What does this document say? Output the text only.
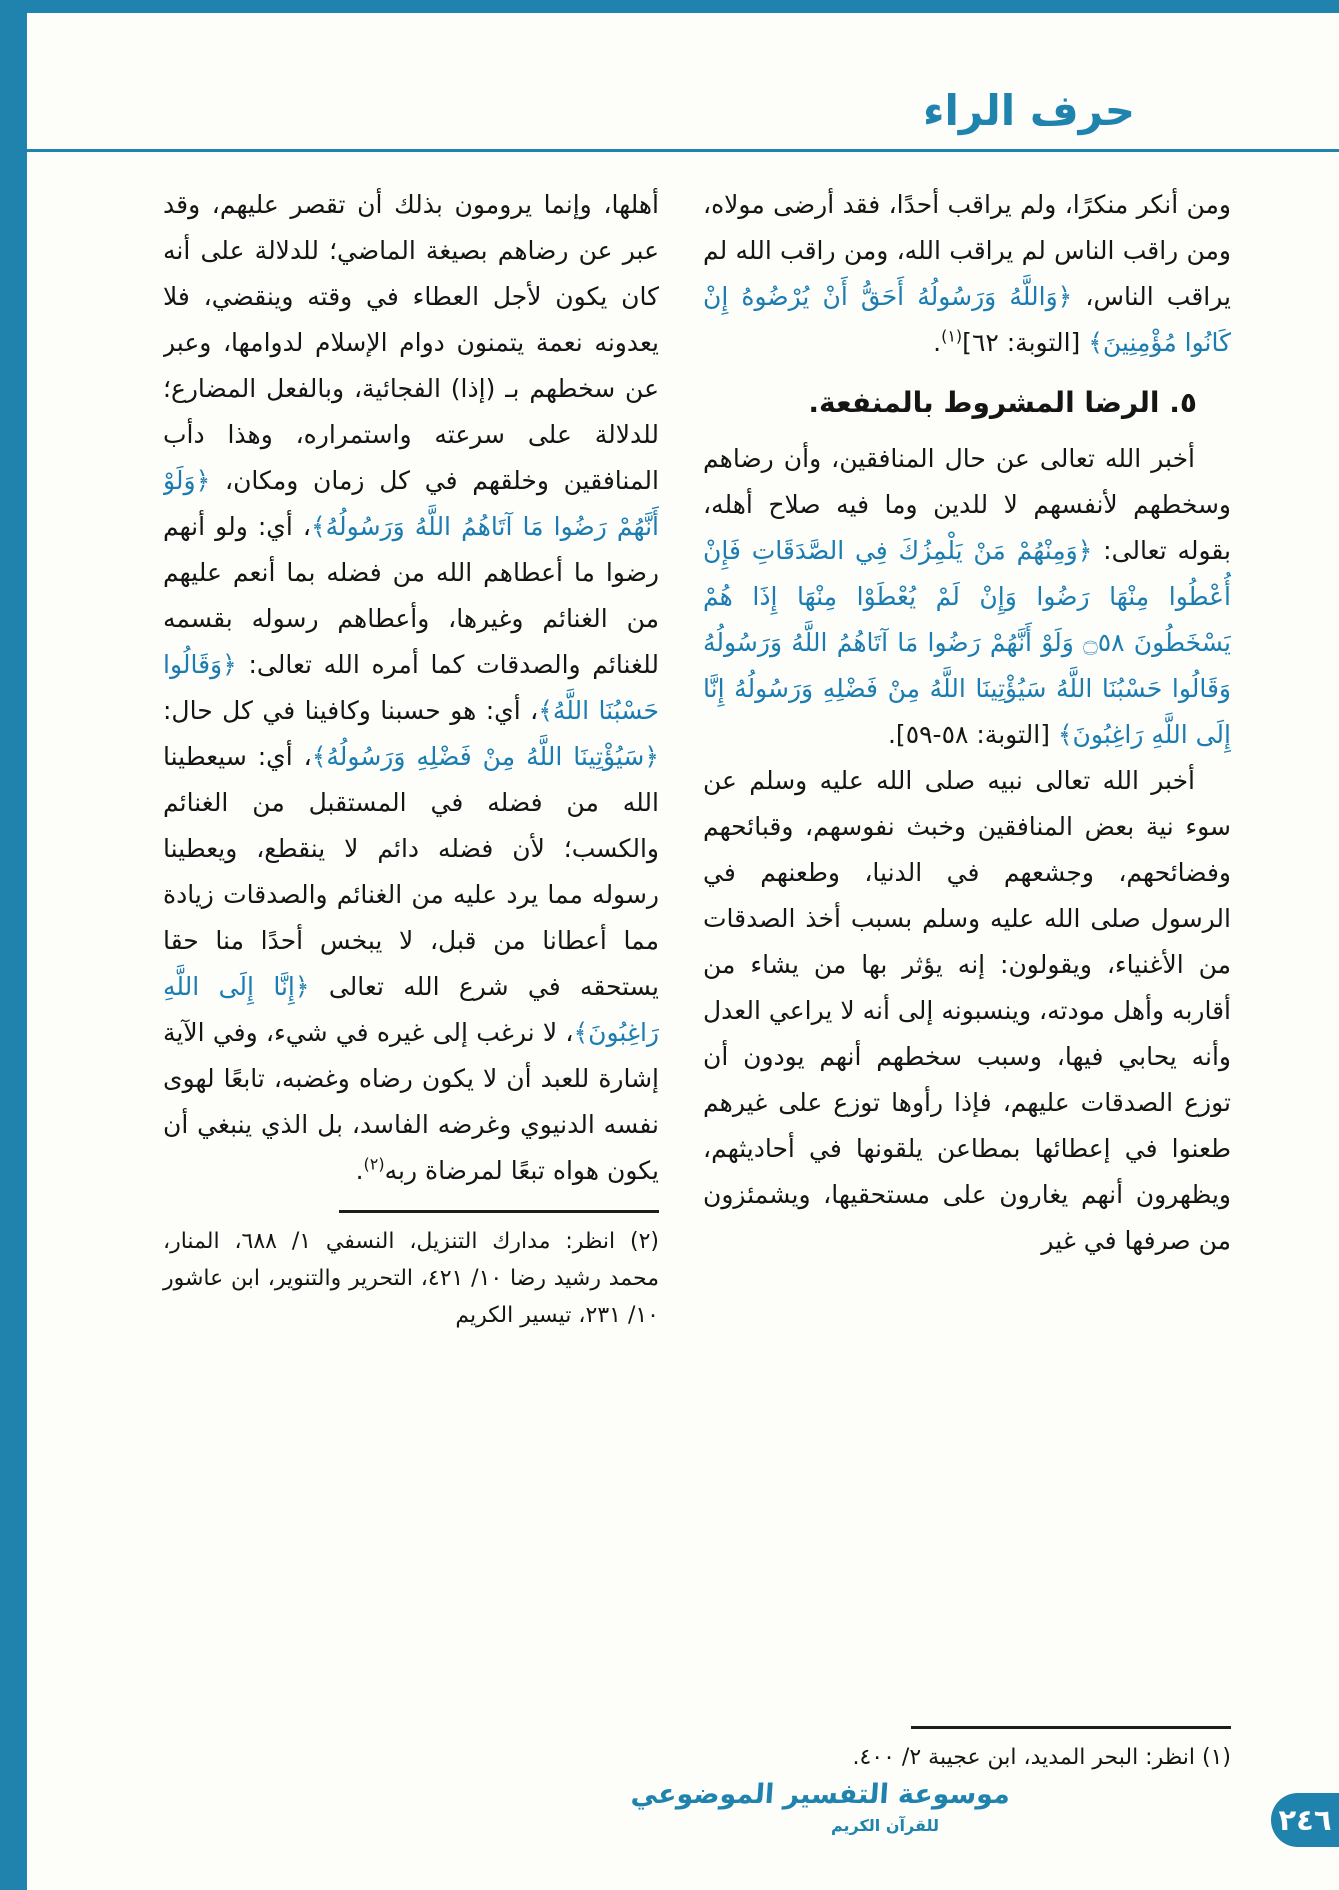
حرف الراء

ومن أنكر منكرًا، ولم يراقب أحدًا، فقد أرضى مولاه، ومن راقب الناس لم يراقب الله، ومن راقب الله لم يراقب الناس، ﴿وَاللَّهُ وَرَسُولُهُ أَحَقُّ أَنْ يُرْضُوهُ إِنْ كَانُوا مُؤْمِنِينَ﴾ [التوبة: ٦٢]$^{(١)}$.

٥. الرضا المشروط بالمنفعة.

أخبر الله تعالى عن حال المنافقين، وأن رضاهم وسخطهم لأنفسهم لا للدين وما فيه صلاح أهله، بقوله تعالى: ﴿وَمِنْهُمْ مَنْ يَلْمِزُكَ فِي الصَّدَقَاتِ فَإِنْ أُعْطُوا مِنْهَا رَضُوا وَإِنْ لَمْ يُعْطَوْا مِنْهَا إِذَا هُمْ يَسْخَطُونَ ۝٥٨ وَلَوْ أَنَّهُمْ رَضُوا مَا آتَاهُمُ اللَّهُ وَرَسُولُهُ وَقَالُوا حَسْبُنَا اللَّهُ سَيُؤْتِينَا اللَّهُ مِنْ فَضْلِهِ وَرَسُولُهُ إِنَّا إِلَى اللَّهِ رَاغِبُونَ﴾ [التوبة: ٥٨-٥٩].

أخبر الله تعالى نبيه صلى الله عليه وسلم عن سوء نية بعض المنافقين وخبث نفوسهم، وقبائحهم وفضائحهم، وجشعهم في الدنيا، وطعنهم في الرسول صلى الله عليه وسلم بسبب أخذ الصدقات من الأغنياء، ويقولون: إنه يؤثر بها من يشاء من أقاربه وأهل مودته، وينسبونه إلى أنه لا يراعي العدل وأنه يحابي فيها، وسبب سخطهم أنهم يودون أن توزع الصدقات عليهم، فإذا رأوها توزع على غيرهم طعنوا في إعطائها بمطاعن يلقونها في أحاديثهم، ويظهرون أنهم يغارون على مستحقيها، ويشمئزون من صرفها في غير

(١) انظر: البحر المديد، ابن عجيبة ٢/ ٤٠٠.

أهلها، وإنما يرومون بذلك أن تقصر عليهم، وقد عبر عن رضاهم بصيغة الماضي؛ للدلالة على أنه كان يكون لأجل العطاء في وقته وينقضي، فلا يعدونه نعمة يتمنون دوام الإسلام لدوامها، وعبر عن سخطهم بـ (إذا) الفجائية، وبالفعل المضارع؛ للدلالة على سرعته واستمراره، وهذا دأب المنافقين وخلقهم في كل زمان ومكان، ﴿وَلَوْ أَنَّهُمْ رَضُوا مَا آتَاهُمُ اللَّهُ وَرَسُولُهُ﴾، أي: ولو أنهم رضوا ما أعطاهم الله من فضله بما أنعم عليهم من الغنائم وغيرها، وأعطاهم رسوله بقسمه للغنائم والصدقات كما أمره الله تعالى: ﴿وَقَالُوا حَسْبُنَا اللَّهُ﴾، أي: هو حسبنا وكافينا في كل حال: ﴿سَيُؤْتِينَا اللَّهُ مِنْ فَضْلِهِ وَرَسُولُهُ﴾، أي: سيعطينا الله من فضله في المستقبل من الغنائم والكسب؛ لأن فضله دائم لا ينقطع، ويعطينا رسوله مما يرد عليه من الغنائم والصدقات زيادة مما أعطانا من قبل، لا يبخس أحدًا منا حقا يستحقه في شرع الله تعالى ﴿إِنَّا إِلَى اللَّهِ رَاغِبُونَ﴾، لا نرغب إلى غيره في شيء، وفي الآية إشارة للعبد أن لا يكون رضاه وغضبه، تابعًا لهوى نفسه الدنيوي وغرضه الفاسد، بل الذي ينبغي أن يكون هواه تبعًا لمرضاة ربه$^{(٢)}$.

(٢) انظر: مدارك التنزيل، النسفي ١/ ٦٨٨، المنار، محمد رشيد رضا ١٠/ ٤٢١، التحرير والتنوير، ابن عاشور ١٠/ ٢٣١، تيسير الكريم

موسوعة التفسير الموضوعي
للقرآن الكريم	٢٤٦
